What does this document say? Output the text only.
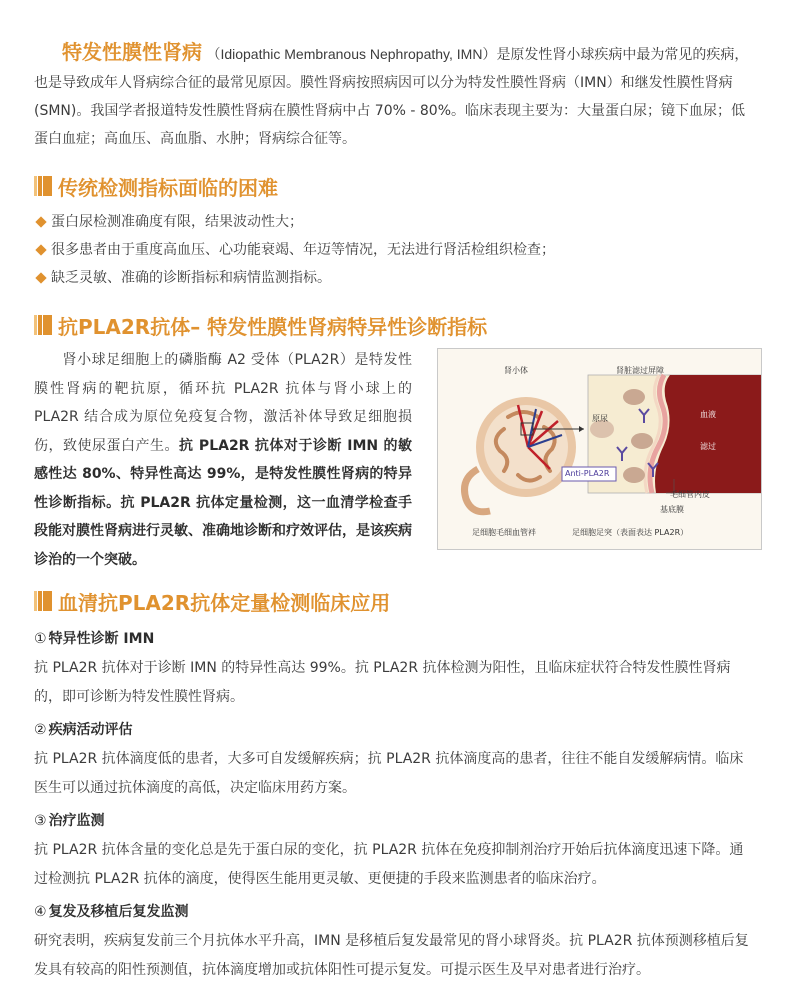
特发性膜性肾病 （Idiopathic Membranous Nephropathy, IMN）是原发性肾小球疾病中最为常见的疾病，也是导致成年人肾病综合征的最常见原因。膜性肾病按照病因可以分为特发性膜性肾病（IMN）和继发性膜性肾病 (SMN)。我国学者报道特发性膜性肾病在膜性肾病中占 70% - 80%。临床表现主要为：大量蛋白尿；镜下血尿；低蛋白血症；高血压、高血脂、水肿；肾病综合征等。

传统检测指标面临的困难
蛋白尿检测准确度有限，结果波动性大；
很多患者由于重度高血压、心功能衰竭、年迈等情况，无法进行肾活检组织检查；
缺乏灵敏、准确的诊断指标和病情监测指标。
抗PLA2R抗体– 特发性膜性肾病特异性诊断指标

肾小球足细胞上的磷脂酶 A2 受体（PLA2R）是特发性膜性肾病的靶抗原，循环抗 PLA2R 抗体与肾小球上的 PLA2R 结合成为原位免疫复合物，激活补体导致足细胞损伤，致使尿蛋白产生。抗 PLA2R 抗体对于诊断 IMN 的敏感性达 80%、特异性高达 99%，是特发性膜性肾病的特异性诊断指标。抗 PLA2R 抗体定量检测，这一血清学检查手段能对膜性肾病进行灵敏、准确地诊断和疗效评估，是该疾病诊治的一个突破。

肾小体	肾脏滤过屏障
原尿	血液
滤过
Anti-PLA2R
毛细管内皮
基底膜
足细胞毛细血管袢	足细胞足突（表面表达 PLA2R）
血清抗PLA2R抗体定量检测临床应用
① 特异性诊断 IMN

抗 PLA2R 抗体对于诊断 IMN 的特异性高达 99%。抗 PLA2R 抗体检测为阳性，且临床症状符合特发性膜性肾病的，即可诊断为特发性膜性肾病。

② 疾病活动评估

抗 PLA2R 抗体滴度低的患者，大多可自发缓解疾病；抗 PLA2R 抗体滴度高的患者，往往不能自发缓解病情。临床医生可以通过抗体滴度的高低，决定临床用药方案。

③ 治疗监测

抗 PLA2R 抗体含量的变化总是先于蛋白尿的变化，抗 PLA2R 抗体在免疫抑制剂治疗开始后抗体滴度迅速下降。通过检测抗 PLA2R 抗体的滴度，使得医生能用更灵敏、更便捷的手段来监测患者的临床治疗。

④ 复发及移植后复发监测

研究表明，疾病复发前三个月抗体水平升高，IMN 是移植后复发最常见的肾小球肾炎。抗 PLA2R 抗体预测移植后复发具有较高的阳性预测值，抗体滴度增加或抗体阳性可提示复发。可提示医生及早对患者进行治疗。
